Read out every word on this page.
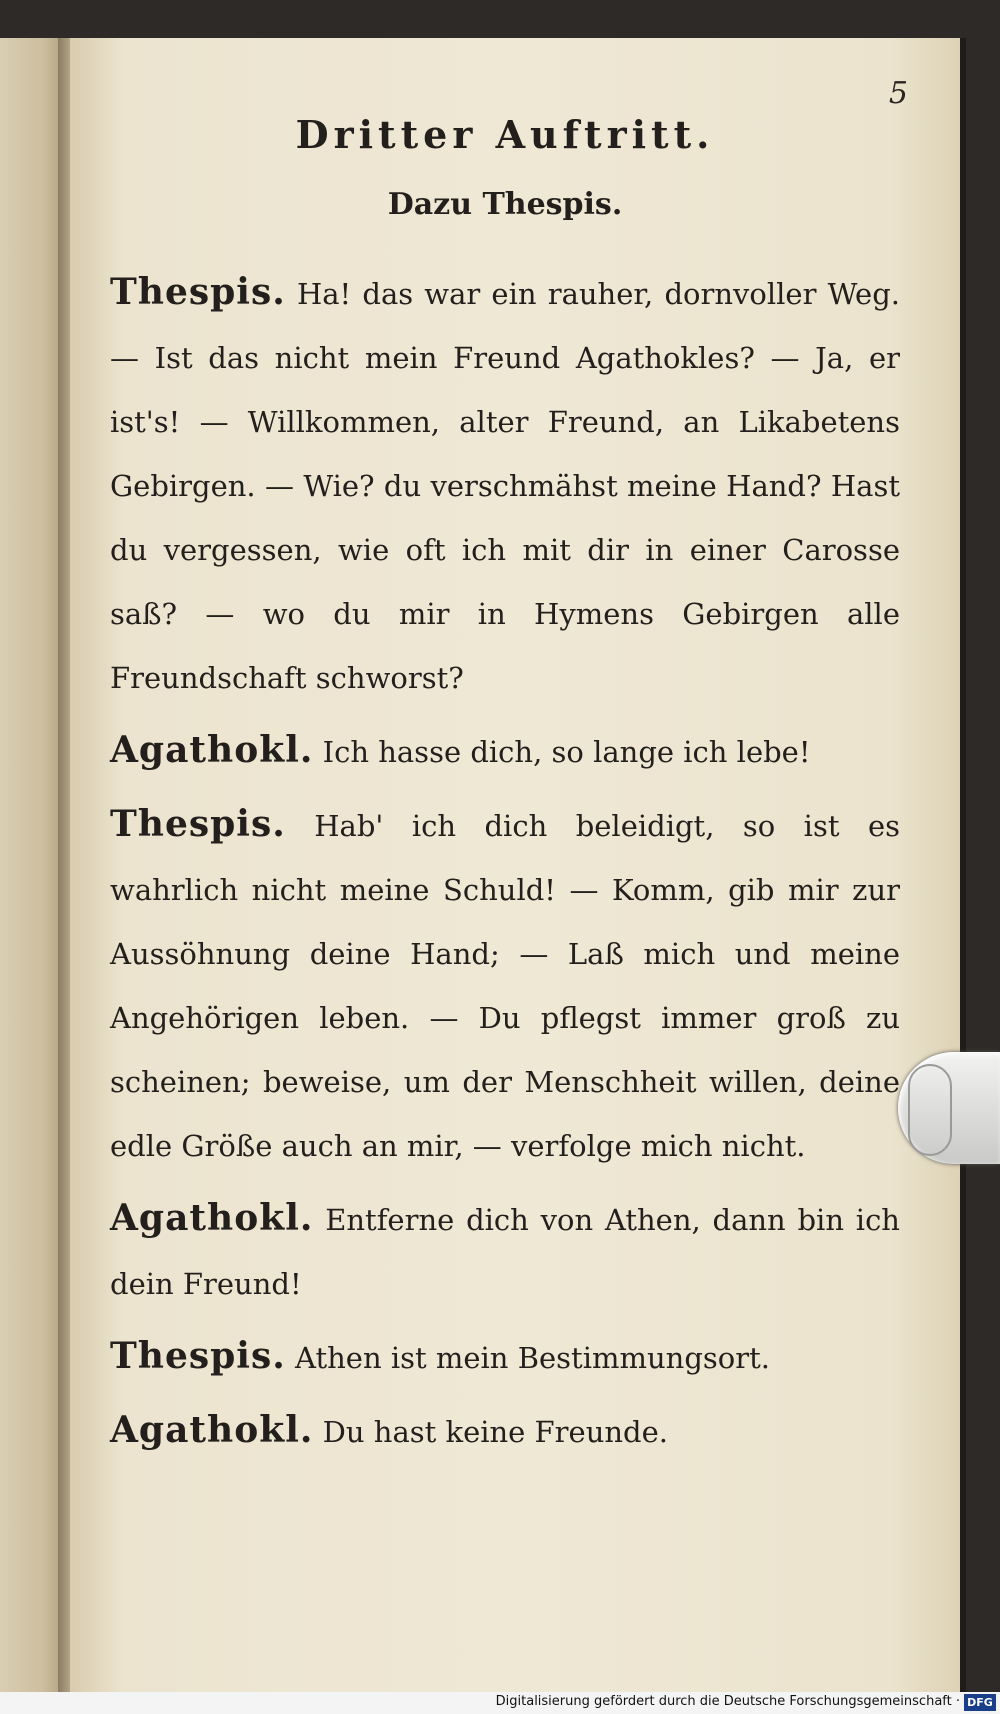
5
Dritter Auftritt.
Dazu Thespis.

Thespis. Ha! das war ein rauher, dornvoller Weg. — Ist das nicht mein Freund Agathokles? — Ja, er ist's! — Willkommen, alter Freund, an Likabetens Gebirgen. — Wie? du verschmähst meine Hand? Hast du vergessen, wie oft ich mit dir in einer Carosse saß? — wo du mir in Hymens Gebirgen alle Freundschaft schworst?

Agathokl. Ich hasse dich, so lange ich lebe!

Thespis. Hab' ich dich beleidigt, so ist es wahrlich nicht meine Schuld! — Komm, gib mir zur Aussöhnung deine Hand; — Laß mich und meine Angehörigen leben. — Du pflegst immer groß zu scheinen; beweise, um der Menschheit willen, deine edle Größe auch an mir, — verfolge mich nicht.

Agathokl. Entferne dich von Athen, dann bin ich dein Freund!

Thespis. Athen ist mein Bestimmungsort.

Agathokl. Du hast keine Freunde.

Digitalisierung gefördert durch die Deutsche Forschungsgemeinschaft · DFG
